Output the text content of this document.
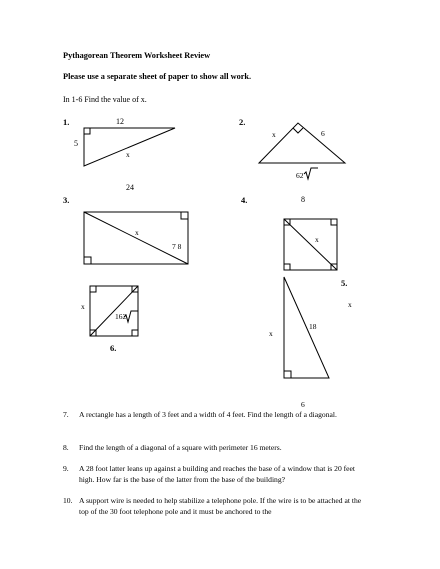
Pythagorean Theorem Worksheet Review
Please use a separate sheet of paper to show all work.
In 1-6 Find the value of x.
1.	12
5
x
2.
x	6
62
24
3.
x
7 8
4.	8
x
5.
x
x
18
6
x
162
6.
7. A rectangle has a length of 3 feet and a width of 4 feet. Find the length of a diagonal.
8. Find the length of a diagonal of a square with perimeter 16 meters.
9. A 28 foot latter leans up against a building and reaches the base of a window that is 20 feet high. How far is the base of the latter from the base of the building?
10. A support wire is needed to help stabilize a telephone pole. If the wire is to be attached at the top of the 30 foot telephone pole and it must be anchored to the
